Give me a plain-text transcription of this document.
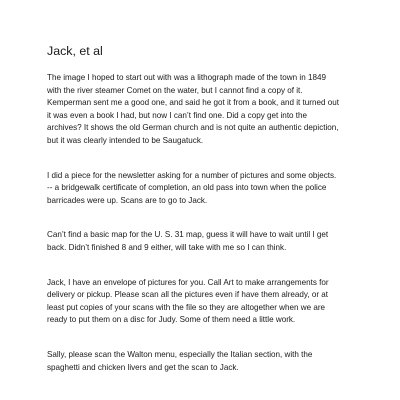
Jack, et al

The image I hoped to start out with was a lithograph made of the town in 1849
with the river steamer Comet on the water, but I cannot find a copy of it.
Kemperman sent me a good one, and said he got it from a book, and it turned out
it was even a book I had, but now I can’t find one. Did a copy get into the
archives? It shows the old German church and is not quite an authentic depiction,
but it was clearly intended to be Saugatuck.

I did a piece for the newsletter asking for a number of pictures and some objects.

-- a bridgewalk certificate of completion, an old pass into town when the police
barricades were up. Scans are to go to Jack.

Can’t find a basic map for the U. S. 31 map, guess it will have to wait until I get
back. Didn’t finished 8 and 9 either, will take with me so I can think.

Jack, I have an envelope of pictures for you. Call Art to make arrangements for
delivery or pickup. Please scan all the pictures even if have them already, or at
least put copies of your scans with the file so they are altogether when we are
ready to put them on a disc for Judy. Some of them need a little work.

Sally, please scan the Walton menu, especially the Italian section, with the
spaghetti and chicken livers and get the scan to Jack.
